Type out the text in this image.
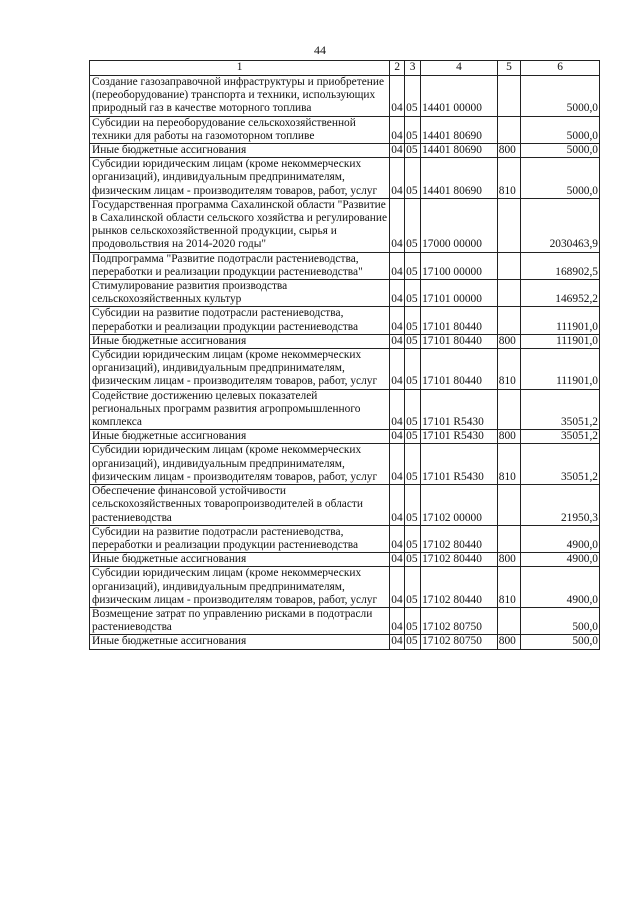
44
1	2	3	4	5	6
Создание газозаправочной инфраструктуры и приобретение (переоборудование) транспорта и техники, использующих природный газ в качестве моторного топлива	04	05	14401 00000		5000,0
Субсидии на переоборудование сельскохозяйственной техники для работы на газомоторном топливе	04	05	14401 80690		5000,0
Иные бюджетные ассигнования	04	05	14401 80690	800	5000,0
Субсидии юридическим лицам (кроме некоммерческих организаций), индивидуальным предпринимателям, физическим лицам - производителям товаров, работ, услуг	04	05	14401 80690	810	5000,0
Государственная программа Сахалинской области "Развитие в Сахалинской области сельского хозяйства и регулирование рынков сельскохозяйственной продукции, сырья и продовольствия на 2014-2020 годы"	04	05	17000 00000		2030463,9
Подпрограмма "Развитие подотрасли растениеводства, переработки и реализации продукции растениеводства"	04	05	17100 00000		168902,5
Стимулирование развития производства сельскохозяйственных культур	04	05	17101 00000		146952,2
Субсидии на развитие подотрасли растениеводства, переработки и реализации продукции растениеводства	04	05	17101 80440		111901,0
Иные бюджетные ассигнования	04	05	17101 80440	800	111901,0
Субсидии юридическим лицам (кроме некоммерческих организаций), индивидуальным предпринимателям, физическим лицам - производителям товаров, работ, услуг	04	05	17101 80440	810	111901,0
Содействие достижению целевых показателей региональных программ развития агропромышленного комплекса	04	05	17101 R5430		35051,2
Иные бюджетные ассигнования	04	05	17101 R5430	800	35051,2
Субсидии юридическим лицам (кроме некоммерческих организаций), индивидуальным предпринимателям, физическим лицам - производителям товаров, работ, услуг	04	05	17101 R5430	810	35051,2
Обеспечение финансовой устойчивости сельскохозяйственных товаропроизводителей в области растениеводства	04	05	17102 00000		21950,3
Субсидии на развитие подотрасли растениеводства, переработки и реализации продукции растениеводства	04	05	17102 80440		4900,0
Иные бюджетные ассигнования	04	05	17102 80440	800	4900,0
Субсидии юридическим лицам (кроме некоммерческих организаций), индивидуальным предпринимателям, физическим лицам - производителям товаров, работ, услуг	04	05	17102 80440	810	4900,0
Возмещение затрат по управлению рисками в подотрасли растениеводства	04	05	17102 80750		500,0
Иные бюджетные ассигнования	04	05	17102 80750	800	500,0
